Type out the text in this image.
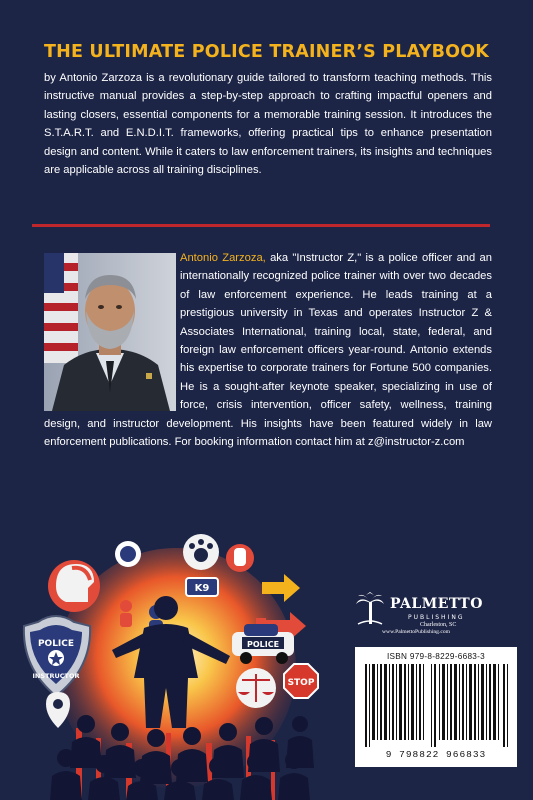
THE ULTIMATE POLICE TRAINER’S PLAYBOOK
by Antonio Zarzoza is a revolutionary guide tailored to transform teaching methods. This instructive manual provides a step-by-step approach to crafting impactful openers and lasting closers, essential components for a memorable training session. It introduces the S.T.A.R.T. and E.N.D.I.T. frameworks, offering practical tips to enhance presentation design and content. While it caters to law enforcement trainers, its insights and techniques are applicable across all training disciplines.
Antonio Zarzoza, aka "Instructor Z," is a police officer and an internationally recognized police trainer with over two decades of law enforcement experience. He leads training at a prestigious university in Texas and operates Instructor Z & Associates International, training local, state, federal, and foreign law enforcement officers year-round. Antonio extends his expertise to corporate trainers for Fortune 500 companies. He is a sought-after keynote speaker, specializing in use of force, crisis intervention, officer safety, wellness, training design, and instructor development. His insights have been featured widely in law enforcement publications. For booking information contact him at z@instructor-z.com
K9
POLICE
POLICE
INSTRUCTOR
STOP
PALMETTO
PUBLISHING
Charleston, SC
www.PalmettoPublishing.com
ISBN 979-8-8229-6683-3
9 798822 966833
